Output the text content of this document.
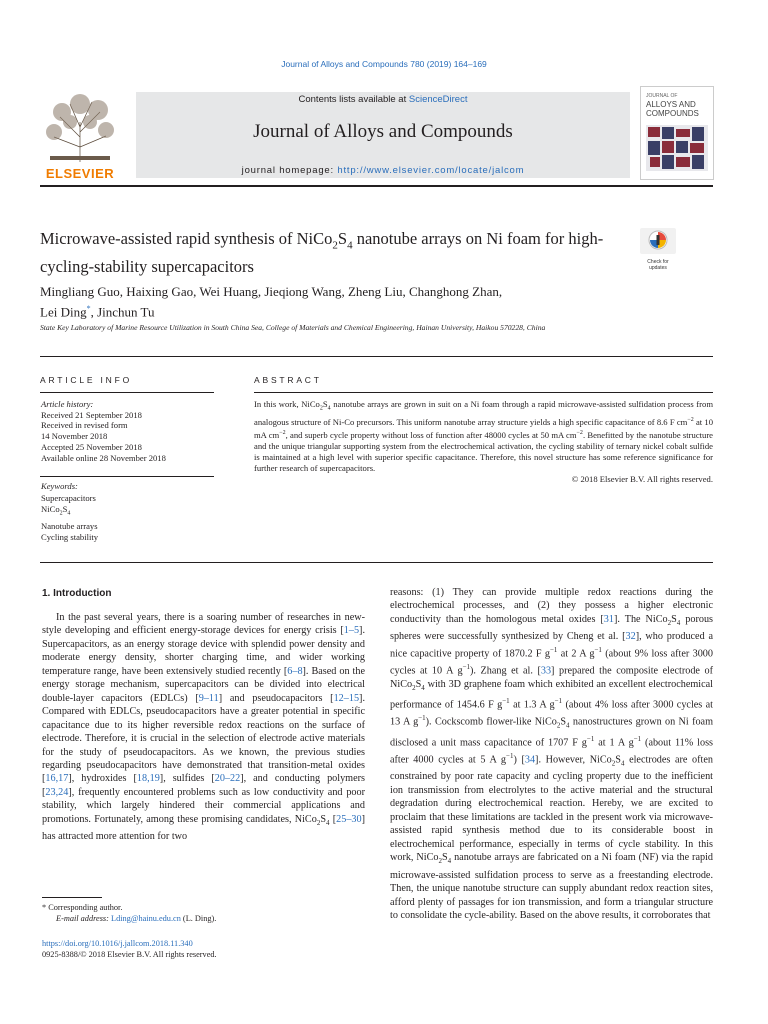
Journal of Alloys and Compounds 780 (2019) 164–169
ELSEVIER
Contents lists available at ScienceDirect
Journal of Alloys and Compounds
journal homepage: http://www.elsevier.com/locate/jalcom
JOURNAL OF
ALLOYS AND
COMPOUNDS
Microwave-assisted rapid synthesis of $NiCo_2S_4$ nanotube arrays on Ni foam for high-cycling-stability supercapacitors	Check for
updates
Mingliang Guo, Haixing Gao, Wei Huang, Jieqiong Wang, Zheng Liu, Changhong Zhan,
Lei Ding*, Jinchun Tu
State Key Laboratory of Marine Resource Utilization in South China Sea, College of Materials and Chemical Engineering, Hainan University, Haikou 570228, China
ARTICLE INFO
Article history:
Received 21 September 2018
Received in revised form
14 November 2018
Accepted 25 November 2018
Available online 28 November 2018
Keywords:
Supercapacitors
$NiCo_2S_4$
Nanotube arrays
Cycling stability
ABSTRACT

In this work, $NiCo_2S_4$ nanotube arrays are grown in suit on a Ni foam through a rapid microwave-assisted sulfidation process from analogous structure of Ni-Co precursors. This uniform nanotube array structure yields a high specific capacitance of 8.6 F $cm^{-2}$ at 10 mA $cm^{-2}$, and superb cycle property without loss of function after 48000 cycles at 50 mA $cm^{-2}$. Benefitted by the nanotube structure and the unique triangular supporting system from the electrochemical activation, the cycling stability of ternary nickel cobalt sulfide is maintained at a high level with superior specific capacitance. Therefore, this novel structure has some reference significance for further research of supercapacitors.

© 2018 Elsevier B.V. All rights reserved.

1. Introduction

In the past several years, there is a soaring number of researches in new-style developing and efficient energy-storage devices for energy crisis [1–5]. Supercapacitors, as an energy storage device with splendid power density and moderate energy density, shorter charging time, and wider working temperature range, have been extensively studied recently [6–8]. Based on the energy storage mechanism, supercapacitors can be divided into electrical double-layer capacitors (EDLCs) [9–11] and pseudocapacitors [12–15]. Compared with EDLCs, pseudocapacitors have a greater potential in specific capacitance due to its higher reversible redox reactions on the surface of electrode. Therefore, it is crucial in the selection of electrode active materials for the study of pseudocapacitors. As we known, the previous studies regarding pseudocapacitors have demonstrated that transition-metal oxides [16,17], hydroxides [18,19], sulfides [20–22], and conducting polymers [23,24], frequently encountered problems such as low conductivity and poor stability, which largely hindered their commercial applications and promotions. Fortunately, among these promising candidates, $NiCo_2S_4$ [25–30] has attracted more attention for two

reasons: (1) They can provide multiple redox reactions during the electrochemical processes, and (2) they possess a higher electronic conductivity than the homologous metal oxides [31]. The $NiCo_2S_4$ porous spheres were successfully synthesized by Cheng et al. [32], who produced a nice capacitive property of 1870.2 F $g^{-1}$ at 2 A $g^{-1}$ (about 9% loss after 3000 cycles at 10 A $g^{-1}$). Zhang et al. [33] prepared the composite electrode of $NiCo_2S_4$ with 3D graphene foam which exhibited an excellent electrochemical performance of 1454.6 F $g^{-1}$ at 1.3 A $g^{-1}$ (about 4% loss after 3000 cycles at 13 A $g^{-1}$). Cockscomb flower-like $NiCo_2S_4$ nanostructures grown on Ni foam disclosed a unit mass capacitance of 1707 F $g^{-1}$ at 1 A $g^{-1}$ (about 11% loss after 4000 cycles at 5 A $g^{-1}$) [34]. However, $NiCo_2S_4$ electrodes are often constrained by poor rate capacity and cycling property due to the inefficient ion transmission from electrolytes to the active material and the structural degradation during electrochemical reaction. Hereby, we are excited to proclaim that these limitations are tackled in the present work via microwave-assisted rapid synthesis method due to its considerable boost in electrochemical performance, especially in terms of cycle stability. In this work, $NiCo_2S_4$ nanotube arrays are fabricated on a Ni foam (NF) via the rapid microwave-assisted sulfidation process to serve as a freestanding electrode. Then, the unique nanotube structure can supply abundant redox reaction sites, afford plenty of passages for ion transmission, and form a triangular structure to consolidate the cycle-ability. Based on the above results, it corroborates that

* Corresponding author.
E-mail address: Lding@hainu.edu.cn (L. Ding).
https://doi.org/10.1016/j.jallcom.2018.11.340
0925-8388/© 2018 Elsevier B.V. All rights reserved.
